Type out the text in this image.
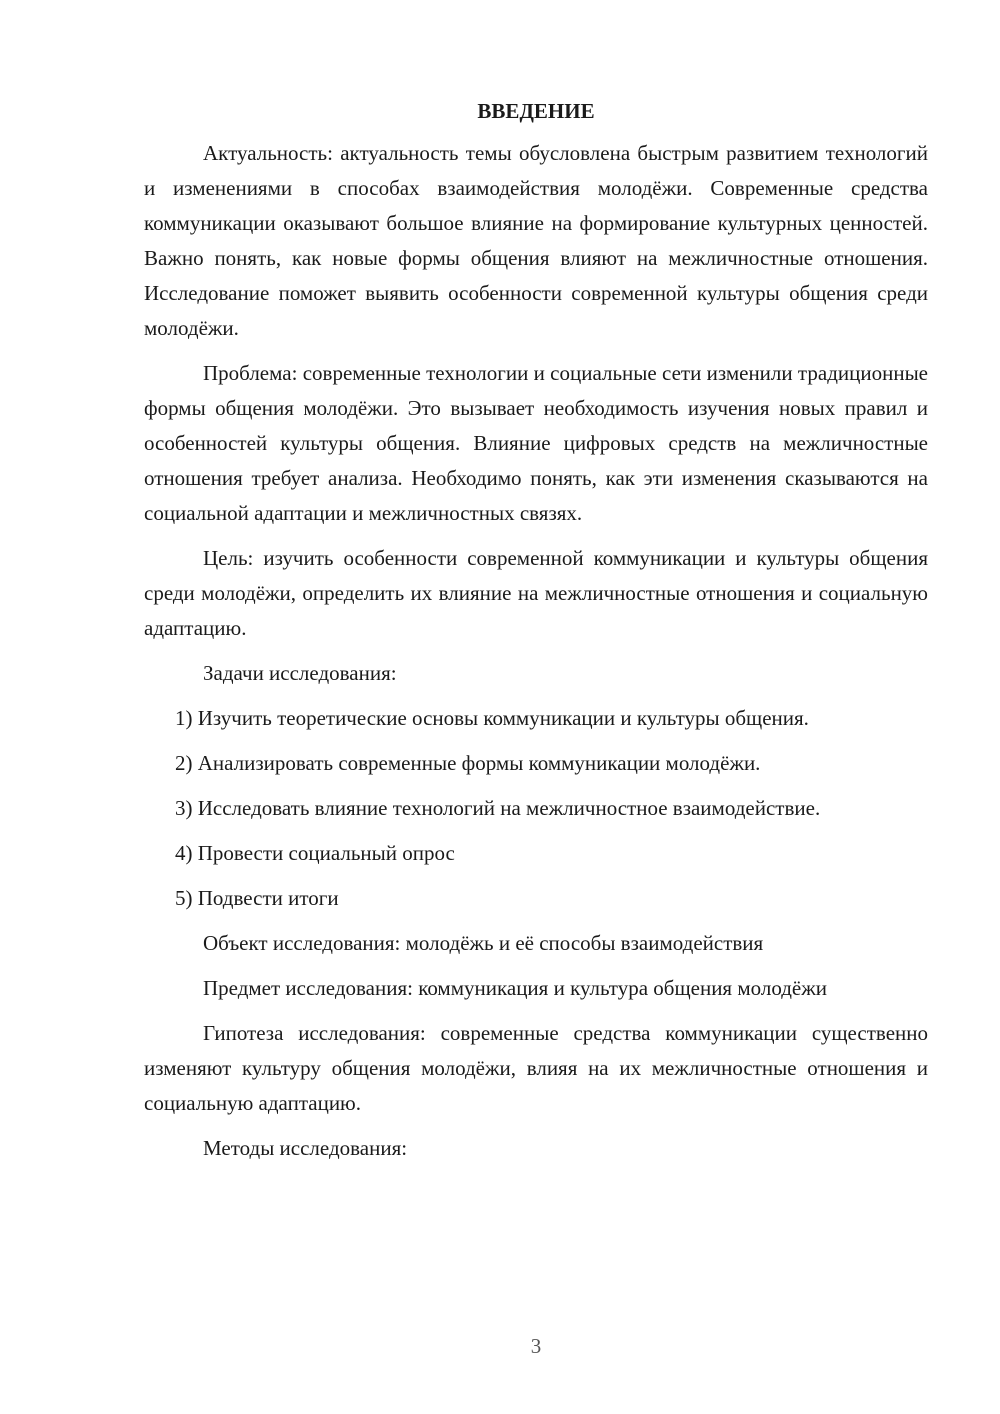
ВВЕДЕНИЕ

Актуальность: актуальность темы обусловлена быстрым развитием технологий и изменениями в способах взаимодействия молодёжи. Современные средства коммуникации оказывают большое влияние на формирование культурных ценностей. Важно понять, как новые формы общения влияют на межличностные отношения. Исследование поможет выявить особенности современной культуры общения среди молодёжи.

Проблема: современные технологии и социальные сети изменили традиционные формы общения молодёжи. Это вызывает необходимость изучения новых правил и особенностей культуры общения. Влияние цифровых средств на межличностные отношения требует анализа. Необходимо понять, как эти изменения сказываются на социальной адаптации и межличностных связях.

Цель: изучить особенности современной коммуникации и культуры общения среди молодёжи, определить их влияние на межличностные отношения и социальную адаптацию.

Задачи исследования:

1) Изучить теоретические основы коммуникации и культуры общения.

2) Анализировать современные формы коммуникации молодёжи.

3) Исследовать влияние технологий на межличностное взаимодействие.

4) Провести социальный опрос

5) Подвести итоги

Объект исследования: молодёжь и её способы взаимодействия

Предмет исследования: коммуникация и культура общения молодёжи

Гипотеза исследования: современные средства коммуникации существенно изменяют культуру общения молодёжи, влияя на их межличностные отношения и социальную адаптацию.

Методы исследования:

3
